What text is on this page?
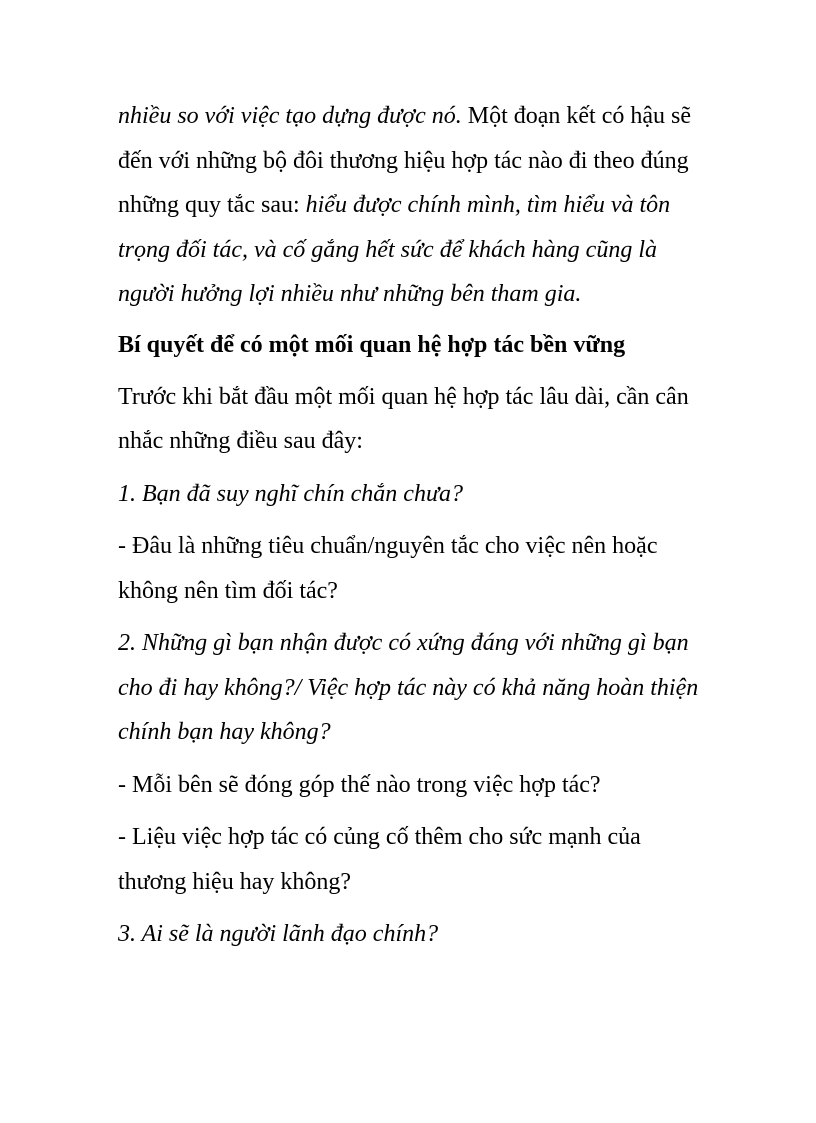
nhiều so với việc tạo dựng được nó. Một đoạn kết có hậu sẽ đến với những bộ đôi thương hiệu hợp tác nào đi theo đúng những quy tắc sau: hiểu được chính mình, tìm hiểu và tôn trọng đối tác, và cố gắng hết sức để khách hàng cũng là người hưởng lợi nhiều như những bên tham gia.

Bí quyết để có một mối quan hệ hợp tác bền vững

Trước khi bắt đầu một mối quan hệ hợp tác lâu dài, cần cân nhắc những điều sau đây:

1. Bạn đã suy nghĩ chín chắn chưa?

- Đâu là những tiêu chuẩn/nguyên tắc cho việc nên hoặc không nên tìm đối tác?

2. Những gì bạn nhận được có xứng đáng với những gì bạn cho đi hay không?/ Việc hợp tác này có khả năng hoàn thiện chính bạn hay không?

- Mỗi bên sẽ đóng góp thế nào trong việc hợp tác?

- Liệu việc hợp tác có củng cố thêm cho sức mạnh của thương hiệu hay không?

3. Ai sẽ là người lãnh đạo chính?
